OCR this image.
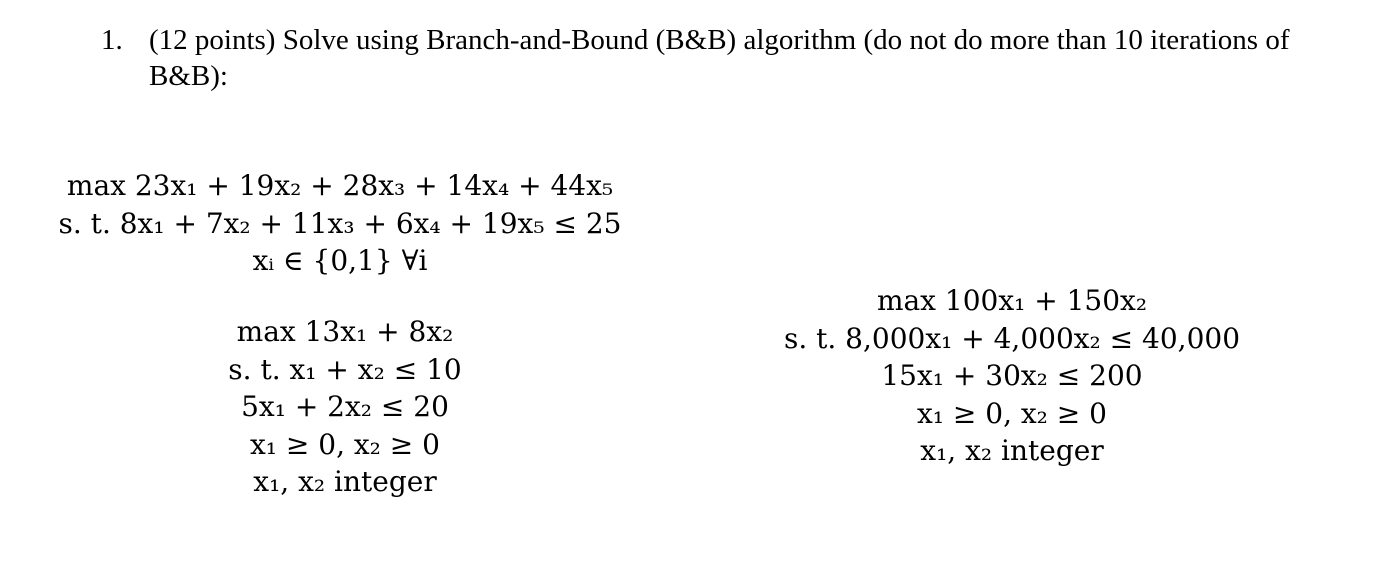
1. (12 points) Solve using Branch-and-Bound (B&B) algorithm (do not do more than 10 iterations of B&B):
max 23x₁ + 19x₂ + 28x₃ + 14x₄ + 44x₅
s. t. 8x₁ + 7x₂ + 11x₃ + 6x₄ + 19x₅ ≤ 25
xᵢ ∈ {0,1} ∀i
max 13x₁ + 8x₂
s. t. x₁ + x₂ ≤ 10
5x₁ + 2x₂ ≤ 20
x₁ ≥ 0, x₂ ≥ 0
x₁, x₂ integer
max 100x₁ + 150x₂
s. t. 8,000x₁ + 4,000x₂ ≤ 40,000
15x₁ + 30x₂ ≤ 200
x₁ ≥ 0, x₂ ≥ 0
x₁, x₂ integer
